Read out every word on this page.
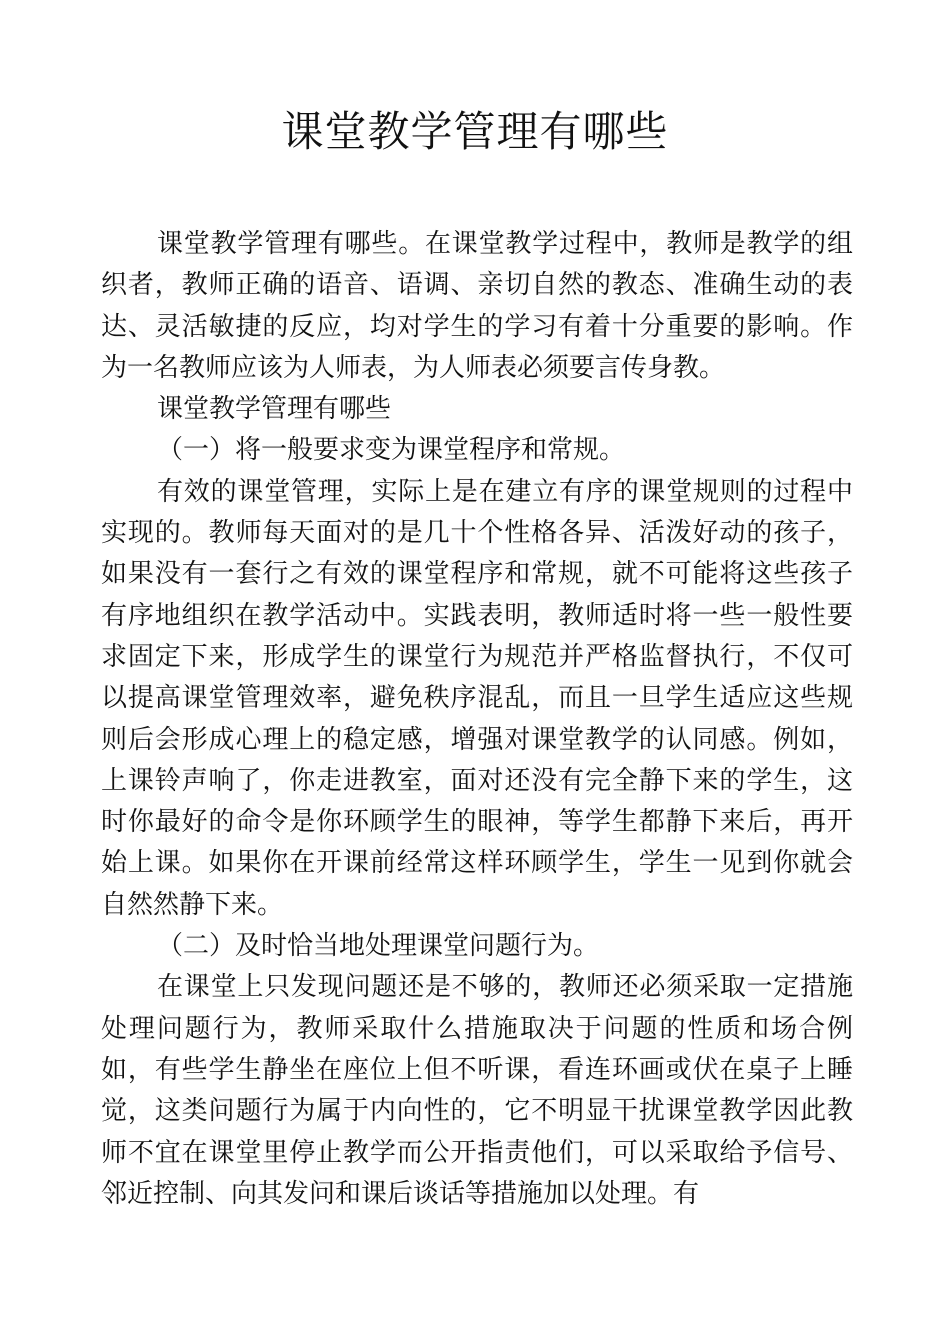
课堂教学管理有哪些

课堂教学管理有哪些。在课堂教学过程中，教师是教学的组织者，教师正确的语音、语调、亲切自然的教态、准确生动的表达、灵活敏捷的反应，均对学生的学习有着十分重要的影响。作为一名教师应该为人师表，为人师表必须要言传身教。

课堂教学管理有哪些

（一）将一般要求变为课堂程序和常规。

有效的课堂管理，实际上是在建立有序的课堂规则的过程中实现的。教师每天面对的是几十个性格各异、活泼好动的孩子，如果没有一套行之有效的课堂程序和常规，就不可能将这些孩子有序地组织在教学活动中。实践表明，教师适时将一些一般性要求固定下来，形成学生的课堂行为规范并严格监督执行，不仅可以提高课堂管理效率，避免秩序混乱，而且一旦学生适应这些规则后会形成心理上的稳定感，增强对课堂教学的认同感。例如，上课铃声响了，你走进教室，面对还没有完全静下来的学生，这时你最好的命令是你环顾学生的眼神，等学生都静下来后，再开始上课。如果你在开课前经常这样环顾学生，学生一见到你就会自然然静下来。

（二）及时恰当地处理课堂问题行为。

在课堂上只发现问题还是不够的，教师还必须采取一定措施处理问题行为，教师采取什么措施取决于问题的性质和场合例如，有些学生静坐在座位上但不听课，看连环画或伏在桌子上睡觉，这类问题行为属于内向性的，它不明显干扰课堂教学因此教师不宜在课堂里停止教学而公开指责他们，可以采取给予信号、邻近控制、向其发问和课后谈话等措施加以处理。有
